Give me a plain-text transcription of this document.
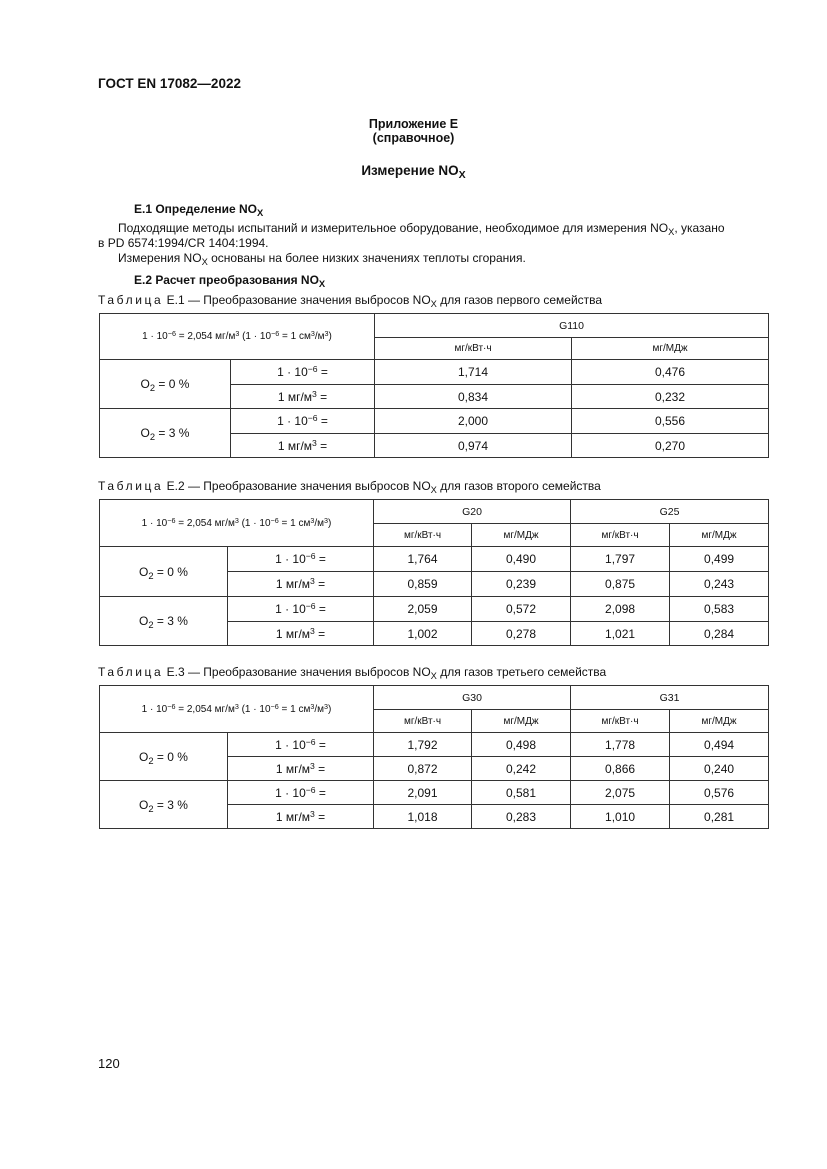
ГОСТ EN 17082—2022
Приложение Е
(справочное)
Измерение $NO_X$
Е.1 Определение $NO_X$
Подходящие методы испытаний и измерительное оборудование, необходимое для измерения $NO_X$, указано
в PD 6574:1994/CR 1404:1994.
Измерения $NO_X$ основаны на более низких значениях теплоты сгорания.
Е.2 Расчет преобразования $NO_X$
Таблица Е.1 — Преобразование значения выбросов $NO_X$ для газов первого семейства
$1 \cdot 10^{-6} = 2,054$ $мг/м^3$ ($1 \cdot 10^{-6} = 1$ $см^3/м^3$)		G110	
		мг/кВт·ч	мг/МДж
$O_2 = 0$ %	$1 \cdot 10^{-6}$ =	1,714	0,476
	1 $мг/м^3$ =	0,834	0,232
$O_2 = 3$ %	$1 \cdot 10^{-6}$ =	2,000	0,556
	1 $мг/м^3$ =	0,974	0,270
Таблица Е.2 — Преобразование значения выбросов $NO_X$ для газов второго семейства
$1 \cdot 10^{-6} = 2,054$ $мг/м^3$ ($1 \cdot 10^{-6} = 1$ $см^3/м^3$)		G20		G25	
		мг/кВт·ч	мг/МДж	мг/кВт·ч	мг/МДж
$O_2 = 0$ %	$1 \cdot 10^{-6}$ =	1,764	0,490	1,797	0,499
	1 $мг/м^3$ =	0,859	0,239	0,875	0,243
$O_2 = 3$ %	$1 \cdot 10^{-6}$ =	2,059	0,572	2,098	0,583
	1 $мг/м^3$ =	1,002	0,278	1,021	0,284
Таблица Е.3 — Преобразование значения выбросов $NO_X$ для газов третьего семейства
$1 \cdot 10^{-6} = 2,054$ $мг/м^3$ ($1 \cdot 10^{-6} = 1$ $см^3/м^3$)		G30		G31	
		мг/кВт·ч	мг/МДж	мг/кВт·ч	мг/МДж
$O_2 = 0$ %	$1 \cdot 10^{-6}$ =	1,792	0,498	1,778	0,494
	1 $мг/м^3$ =	0,872	0,242	0,866	0,240
$O_2 = 3$ %	$1 \cdot 10^{-6}$ =	2,091	0,581	2,075	0,576
	1 $мг/м^3$ =	1,018	0,283	1,010	0,281
120
